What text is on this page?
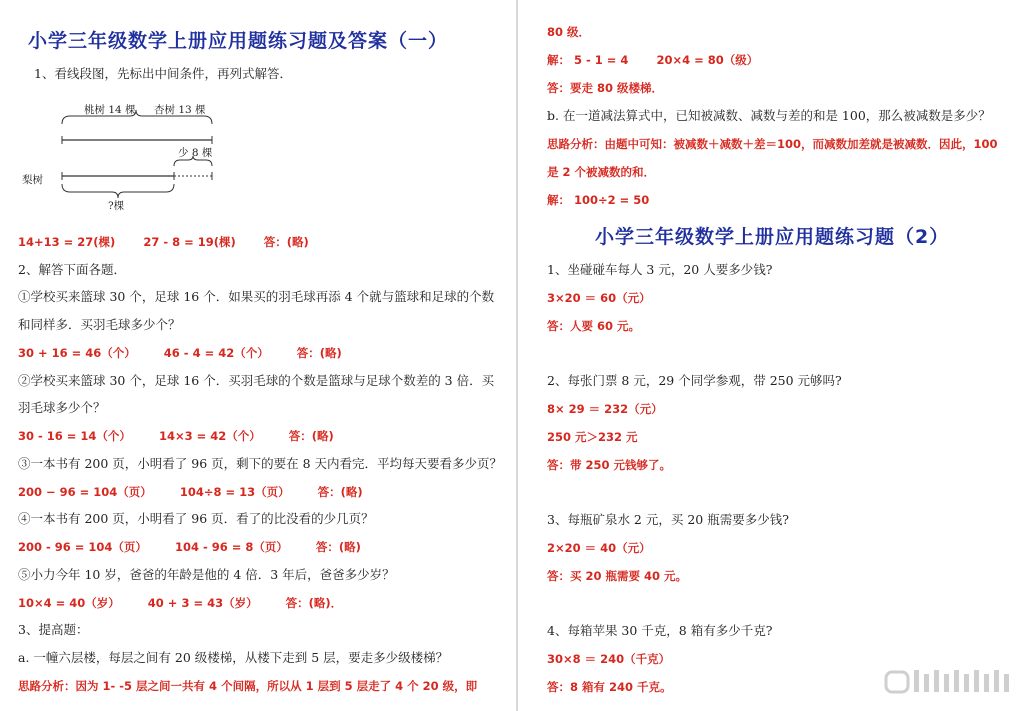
小学三年级数学上册应用题练习题及答案（一）
1、看线段图，先标出中间条件，再列式解答．
桃树 14 棵 杏树 13 棵
少 8 棵
梨树
?棵
14+13 = 27(棵) 27 - 8 = 19(棵) 答：(略)
2、解答下面各题．
①学校买来篮球 30 个，足球 16 个．如果买的羽毛球再添 4 个就与篮球和足球的个数
和同样多．买羽毛球多少个？
30 + 16 = 46（个） 46 - 4 = 42（个） 答：(略)
②学校买来篮球 30 个，足球 16 个．买羽毛球的个数是篮球与足球个数差的 3 倍．买
羽毛球多少个？
30 - 16 = 14（个） 14×3 = 42（个） 答：(略)
③一本书有 200 页，小明看了 96 页，剩下的要在 8 天内看完．平均每天要看多少页？
200 − 96 = 104（页） 104÷8 = 13（页） 答：(略)
④一本书有 200 页，小明看了 96 页．看了的比没看的少几页？
200 - 96 = 104（页） 104 - 96 = 8（页） 答：(略)
⑤小力今年 10 岁，爸爸的年龄是他的 4 倍．3 年后，爸爸多少岁？
10×4 = 40（岁） 40 + 3 = 43（岁） 答：(略)．
3、提高题：
a. 一幢六层楼，每层之间有 20 级楼梯，从楼下走到 5 层，要走多少级楼梯？
思路分析：因为 1- -5 层之间一共有 4 个间隔，所以从 1 层到 5 层走了 4 个 20 级，即
80 级．
解： 5 - 1 = 4 20×4 = 80（级）
答：要走 80 级楼梯．
b. 在一道减法算式中，已知被减数、减数与差的和是 100，那么被减数是多少？
思路分析：由题中可知：被减数＋减数＋差＝100，而减数加差就是被减数．因此，100
是 2 个被减数的和．
解： 100÷2 = 50
小学三年级数学上册应用题练习题（2）
1、坐碰碰车每人 3 元，20 人要多少钱?
3×20 ＝ 60（元）
答：人要 60 元。
2、每张门票 8 元，29 个同学参观，带 250 元够吗?
8× 29 ＝ 232（元）
250 元＞232 元
答：带 250 元钱够了。
3、每瓶矿泉水 2 元，买 20 瓶需要多少钱?
2×20 ＝ 40（元）
答：买 20 瓶需要 40 元。
4、每箱苹果 30 千克，8 箱有多少千克?
30×8 ＝ 240（千克）
答：8 箱有 240 千克。
